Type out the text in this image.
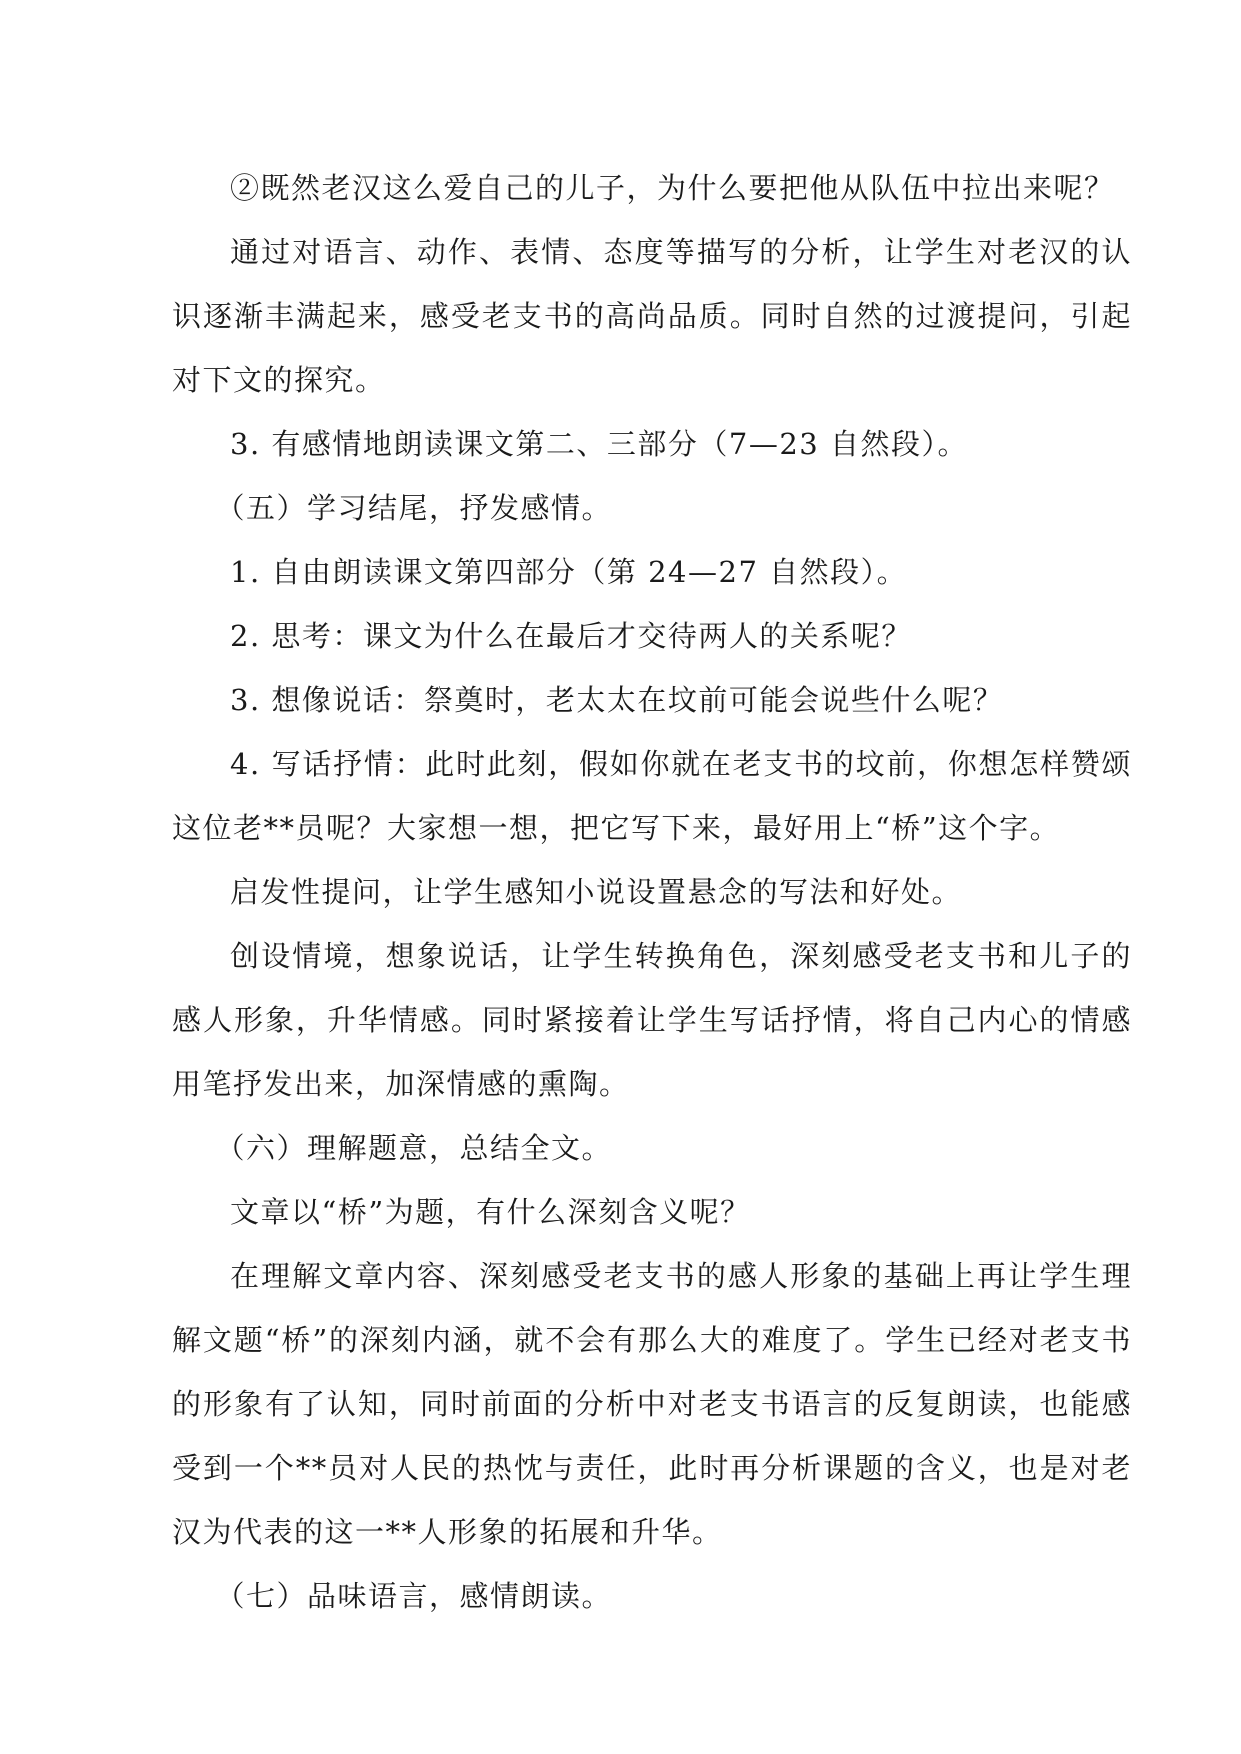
②既然老汉这么爱自己的儿子，为什么要把他从队伍中拉出来呢？

通过对语言、动作、表情、态度等描写的分析，让学生对老汉的认识逐渐丰满起来，感受老支书的高尚品质。同时自然的过渡提问，引起对下文的探究。

3. 有感情地朗读课文第二、三部分（7—23 自然段）。

（五）学习结尾，抒发感情。

1. 自由朗读课文第四部分（第 24—27 自然段）。

2. 思考：课文为什么在最后才交待两人的关系呢？

3. 想像说话：祭奠时，老太太在坟前可能会说些什么呢？

4. 写话抒情：此时此刻，假如你就在老支书的坟前，你想怎样赞颂这位老**员呢？大家想一想，把它写下来，最好用上“桥”这个字。

启发性提问，让学生感知小说设置悬念的写法和好处。

创设情境，想象说话，让学生转换角色，深刻感受老支书和儿子的感人形象，升华情感。同时紧接着让学生写话抒情，将自己内心的情感用笔抒发出来，加深情感的熏陶。

（六）理解题意，总结全文。

文章以“桥”为题，有什么深刻含义呢？

在理解文章内容、深刻感受老支书的感人形象的基础上再让学生理解文题“桥”的深刻内涵，就不会有那么大的难度了。学生已经对老支书的形象有了认知，同时前面的分析中对老支书语言的反复朗读，也能感受到一个**员对人民的热忱与责任，此时再分析课题的含义，也是对老汉为代表的这一**人形象的拓展和升华。

（七）品味语言，感情朗读。
